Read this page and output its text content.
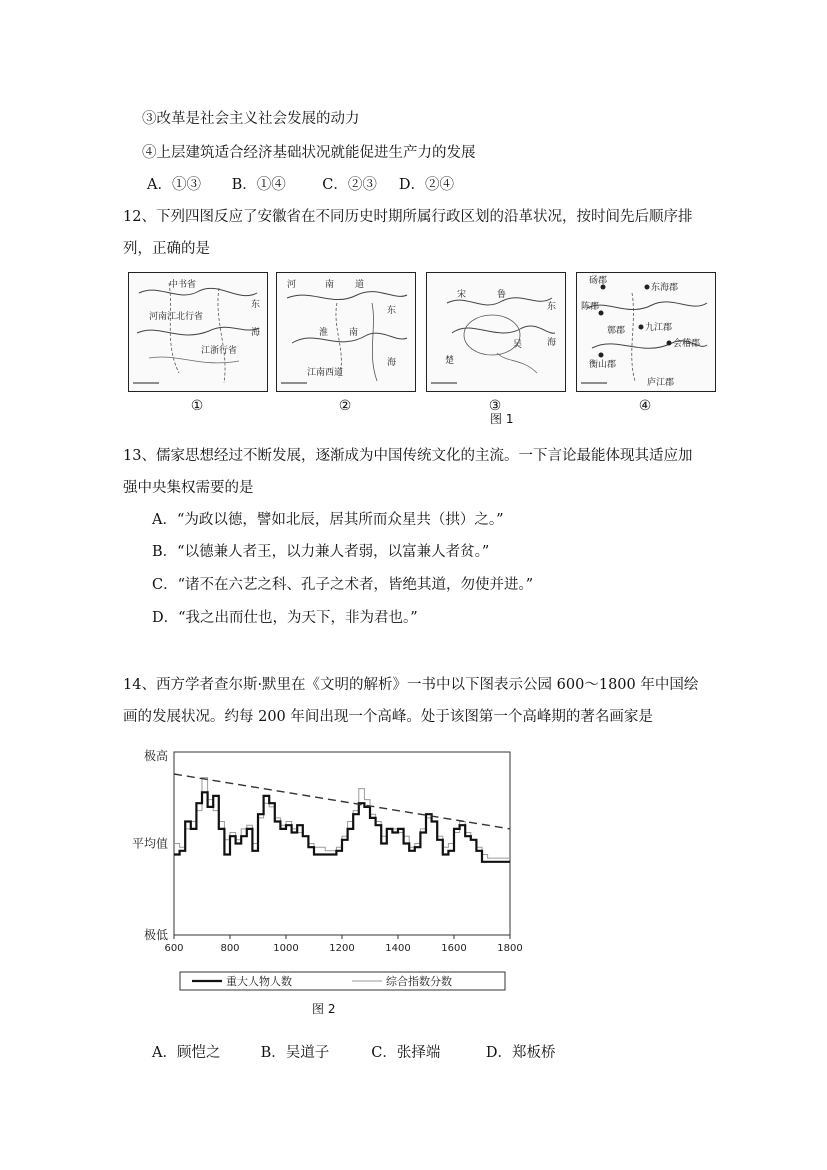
③改革是社会主义社会发展的动力
④上层建筑适合经济基础状况就能促进生产力的发展
A．①③ B．①④	C．②③ D．②④
12、下列四图反应了安徽省在不同历史时期所属行政区划的沿革状况，按时间先后顺序排
列，正确的是
中书省
河南江北行省
江浙行省
东
海
河	南 道
淮 南
江南西道
东
海
宋	鲁
吴
楚
东
海
砀郡
东海郡
陈郡
九江郡
衡山郡
会稽郡
鄣郡
庐江郡
①	②	③	④
图 1
13、儒家思想经过不断发展，逐渐成为中国传统文化的主流。一下言论最能体现其适应加
强中央集权需要的是
A．“为政以德，譬如北辰，居其所而众星共（拱）之。”
B．“以德兼人者王，以力兼人者弱，以富兼人者贫。”
C．“诸不在六艺之科、孔子之术者，皆绝其道，勿使并进。”
D．“我之出而仕也，为天下，非为君也。”
14、西方学者查尔斯·默里在《文明的解析》一书中以下图表示公园 600～1800 年中国绘
画的发展状况。约每 200 年间出现一个高峰。处于该图第一个高峰期的著名画家是
600	800	1000	1200	1400	1600	1800
极高
平均值
极低
重大人物人数	综合指数分数
图 2
A．顾恺之	B．吴道子	C．张择端	D．郑板桥
